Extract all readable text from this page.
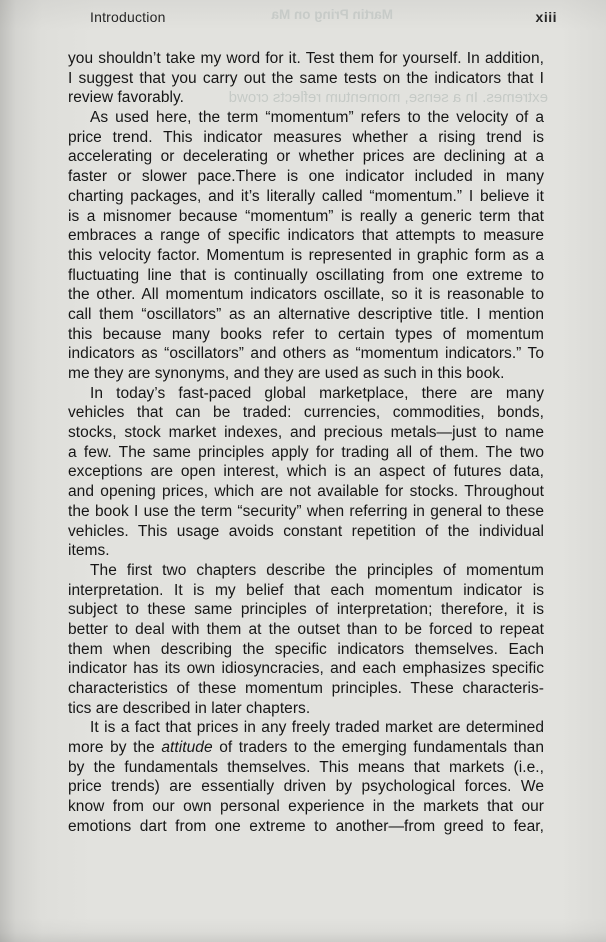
Martin Pring on Ma
Introduction	xiii
extremes. In a sense, momentum reflects crowd
you shouldn’t take my word for it. Test them for yourself. In addition,
I suggest that you carry out the same tests on the indicators that I
review favorably.
As used here, the term “momentum” refers to the velocity of a
price trend. This indicator measures whether a rising trend is
accelerating or decelerating or whether prices are declining at a
faster or slower pace.There is one indicator included in many
charting packages, and it’s literally called “momentum.” I believe it
is a misnomer because “momentum” is really a generic term that
embraces a range of specific indicators that attempts to measure
this velocity factor. Momentum is represented in graphic form as a
fluctuating line that is continually oscillating from one extreme to
the other. All momentum indicators oscillate, so it is reasonable to
call them “oscillators” as an alternative descriptive title. I mention
this because many books refer to certain types of momentum
indicators as “oscillators” and others as “momentum indicators.” To
me they are synonyms, and they are used as such in this book.
In today’s fast-paced global marketplace, there are many
vehicles that can be traded: currencies, commodities, bonds,
stocks, stock market indexes, and precious metals—just to name
a few. The same principles apply for trading all of them. The two
exceptions are open interest, which is an aspect of futures data,
and opening prices, which are not available for stocks. Throughout
the book I use the term “security” when referring in general to these
vehicles. This usage avoids constant repetition of the individual
items.
The first two chapters describe the principles of momentum
interpretation. It is my belief that each momentum indicator is
subject to these same principles of interpretation; therefore, it is
better to deal with them at the outset than to be forced to repeat
them when describing the specific indicators themselves. Each
indicator has its own idiosyncracies, and each emphasizes specific
characteristics of these momentum principles. These characteris-
tics are described in later chapters.
It is a fact that prices in any freely traded market are determined
more by the attitude of traders to the emerging fundamentals than
by the fundamentals themselves. This means that markets (i.e.,
price trends) are essentially driven by psychological forces. We
know from our own personal experience in the markets that our
emotions dart from one extreme to another—from greed to fear,
